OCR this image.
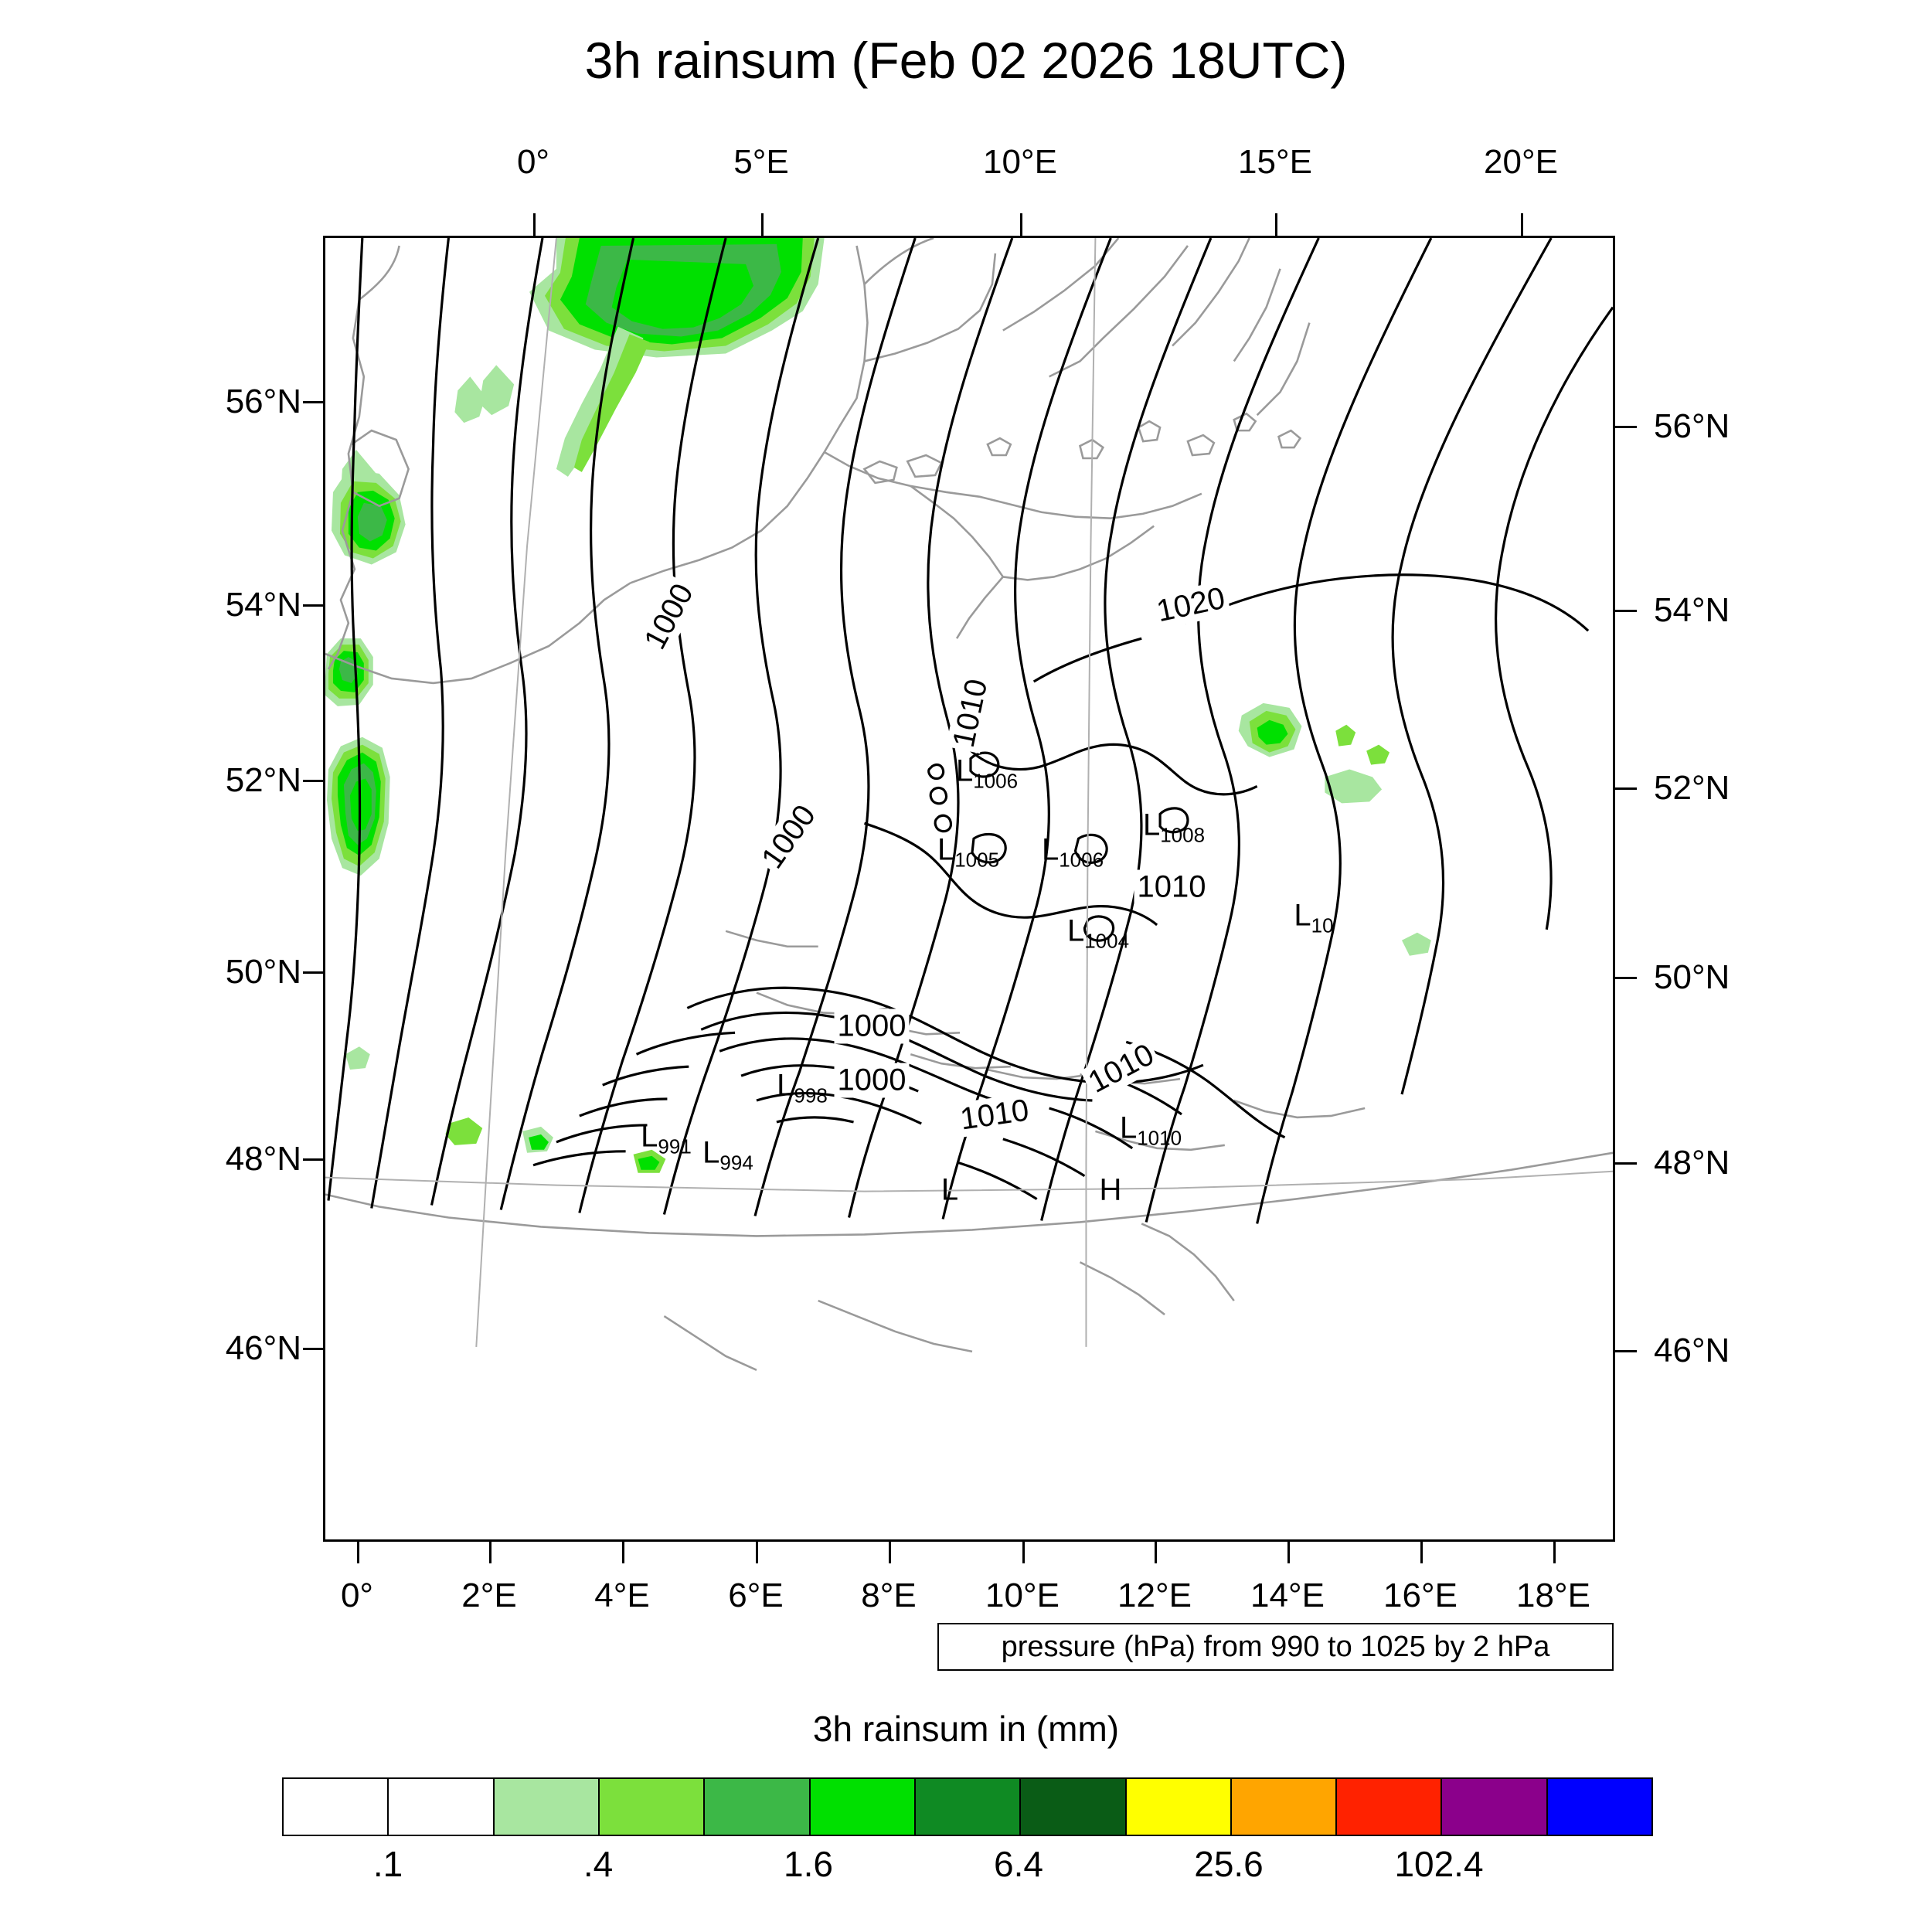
3h rainsum (Feb 02 2026 18UTC)
0°	5°E	10°E	15°E	20°E
56°N
54°N
52°N
50°N
48°N
46°N
56°N
54°N
52°N
50°N
48°N
46°N
0°	2°E 4°E 6°E 8°E 10°E 12°E 14°E 16°E 18°E
1000
1000
1010
1020
1010
1000
1000	1010
1010
$L_{1006}$
$L_{1008}$
$L_{1005}$ $L_{1006}$
$L_{1004}$
$L_{10}$
$L_{998}$
$L_{991}$ $L_{994}$
$L_{1010}$
L	H
pressure (hPa) from 990 to 1025 by 2 hPa
3h rainsum in (mm)
.1	.4	1.6	6.4	25.6	102.4
